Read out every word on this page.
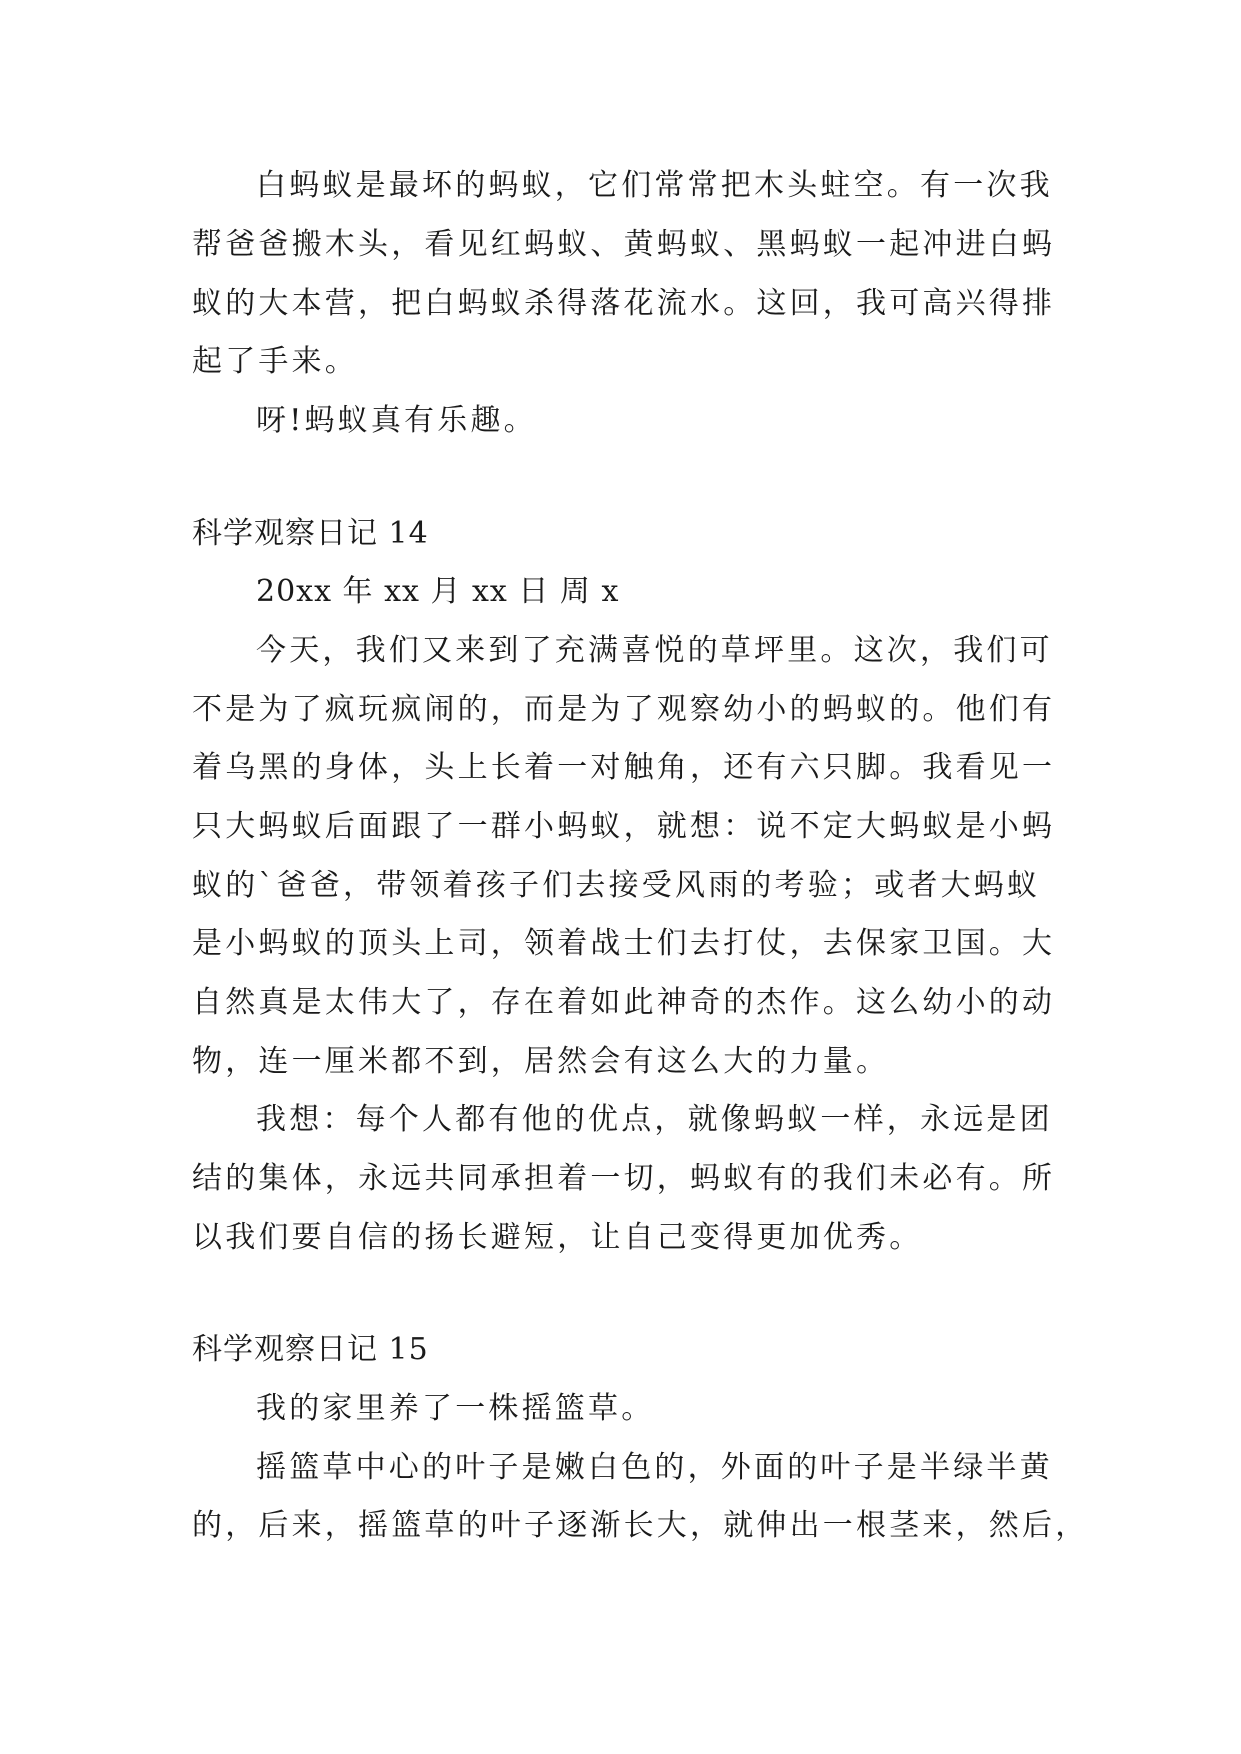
白蚂蚁是最坏的蚂蚁，它们常常把木头蛀空。有一次我
帮爸爸搬木头，看见红蚂蚁、黄蚂蚁、黑蚂蚁一起冲进白蚂
蚁的大本营，把白蚂蚁杀得落花流水。这回，我可高兴得排
起了手来。
呀!蚂蚁真有乐趣。
科学观察日记 14
20xx 年 xx 月 xx 日 周 x
今天，我们又来到了充满喜悦的草坪里。这次，我们可
不是为了疯玩疯闹的，而是为了观察幼小的蚂蚁的。他们有
着乌黑的身体，头上长着一对触角，还有六只脚。我看见一
只大蚂蚁后面跟了一群小蚂蚁，就想：说不定大蚂蚁是小蚂
蚁的`爸爸，带领着孩子们去接受风雨的考验；或者大蚂蚁
是小蚂蚁的顶头上司，领着战士们去打仗，去保家卫国。大
自然真是太伟大了，存在着如此神奇的杰作。这么幼小的动
物，连一厘米都不到，居然会有这么大的力量。
我想：每个人都有他的优点，就像蚂蚁一样，永远是团
结的集体，永远共同承担着一切，蚂蚁有的我们未必有。所
以我们要自信的扬长避短，让自己变得更加优秀。
科学观察日记 15
我的家里养了一株摇篮草。
摇篮草中心的叶子是嫩白色的，外面的叶子是半绿半黄
的，后来，摇篮草的叶子逐渐长大，就伸出一根茎来，然后，
